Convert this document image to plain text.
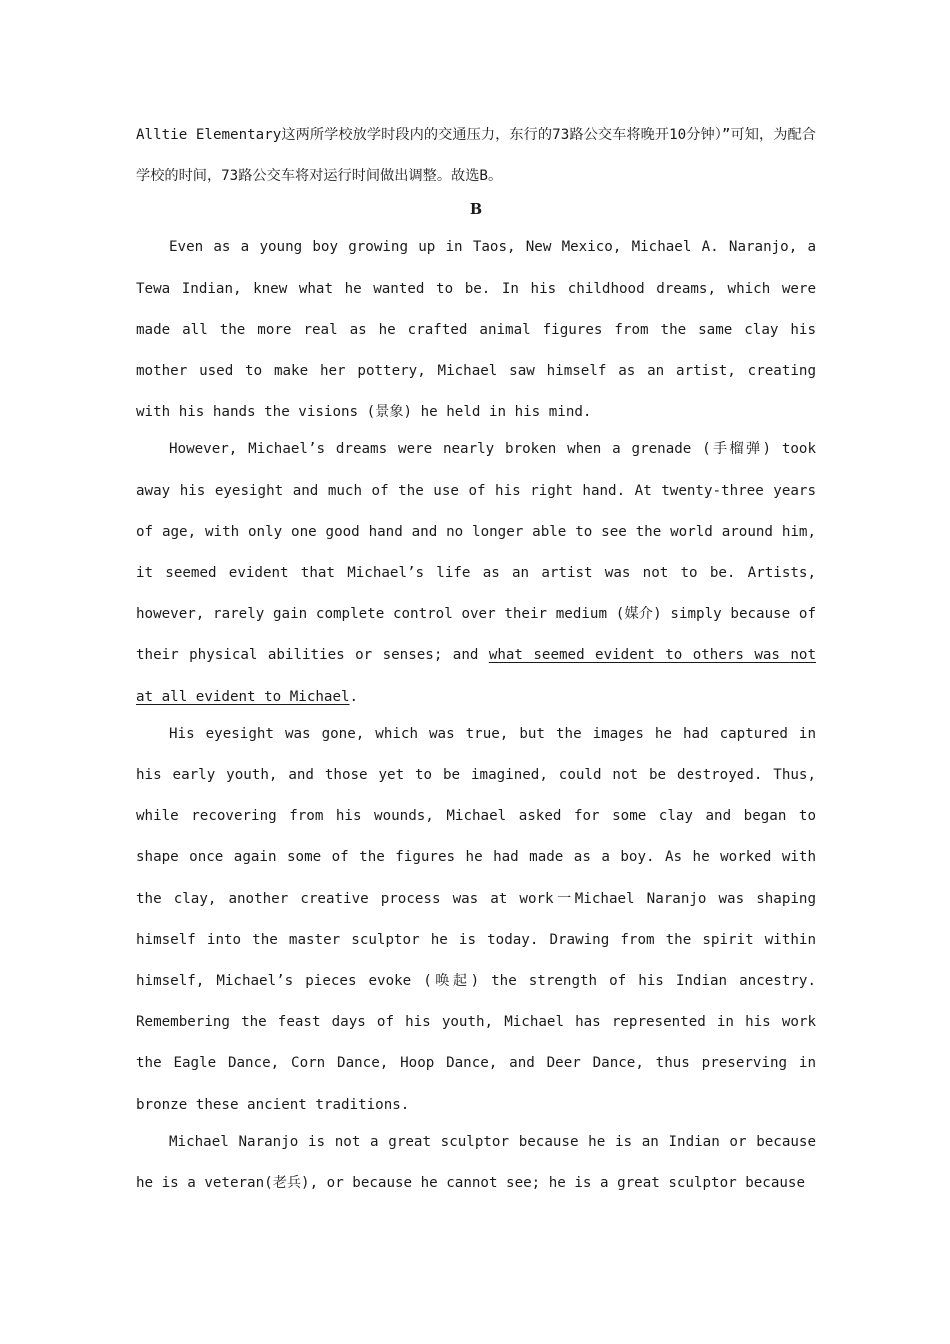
Alltie Elementary这两所学校放学时段内的交通压力，东行的73路公交车将晚开10分钟）”可知，为配合学校的时间，73路公交车将对运行时间做出调整。故选B。

B

Even as a young boy growing up in Taos, New Mexico, Michael A. Naranjo, a Tewa Indian, knew what he wanted to be. In his childhood dreams, which were made all the more real as he crafted animal figures from the same clay his mother used to make her pottery, Michael saw himself as an artist, creating with his hands the visions (景象) he held in his mind.

However, Michael’s dreams were nearly broken when a grenade (手榴弹) took away his eyesight and much of the use of his right hand. At twenty-three years of age, with only one good hand and no longer able to see the world around him, it seemed evident that Michael’s life as an artist was not to be. Artists, however, rarely gain complete control over their medium (媒介) simply because of their physical abilities or senses; and what seemed evident to others was not at all evident to Michael.

His eyesight was gone, which was true, but the images he had captured in his early youth, and those yet to be imagined, could not be destroyed. Thus, while recovering from his wounds, Michael asked for some clay and began to shape once again some of the figures he had made as a boy. As he worked with the clay, another creative process was at work一Michael Naranjo was shaping himself into the master sculptor he is today. Drawing from the spirit within himself, Michael’s pieces evoke (唤起) the strength of his Indian ancestry. Remembering the feast days of his youth, Michael has represented in his work the Eagle Dance, Corn Dance, Hoop Dance, and Deer Dance, thus preserving in bronze these ancient traditions.

Michael Naranjo is not a great sculptor because he is an Indian or because he is a veteran(老兵), or because he cannot see; he is a great sculptor because
